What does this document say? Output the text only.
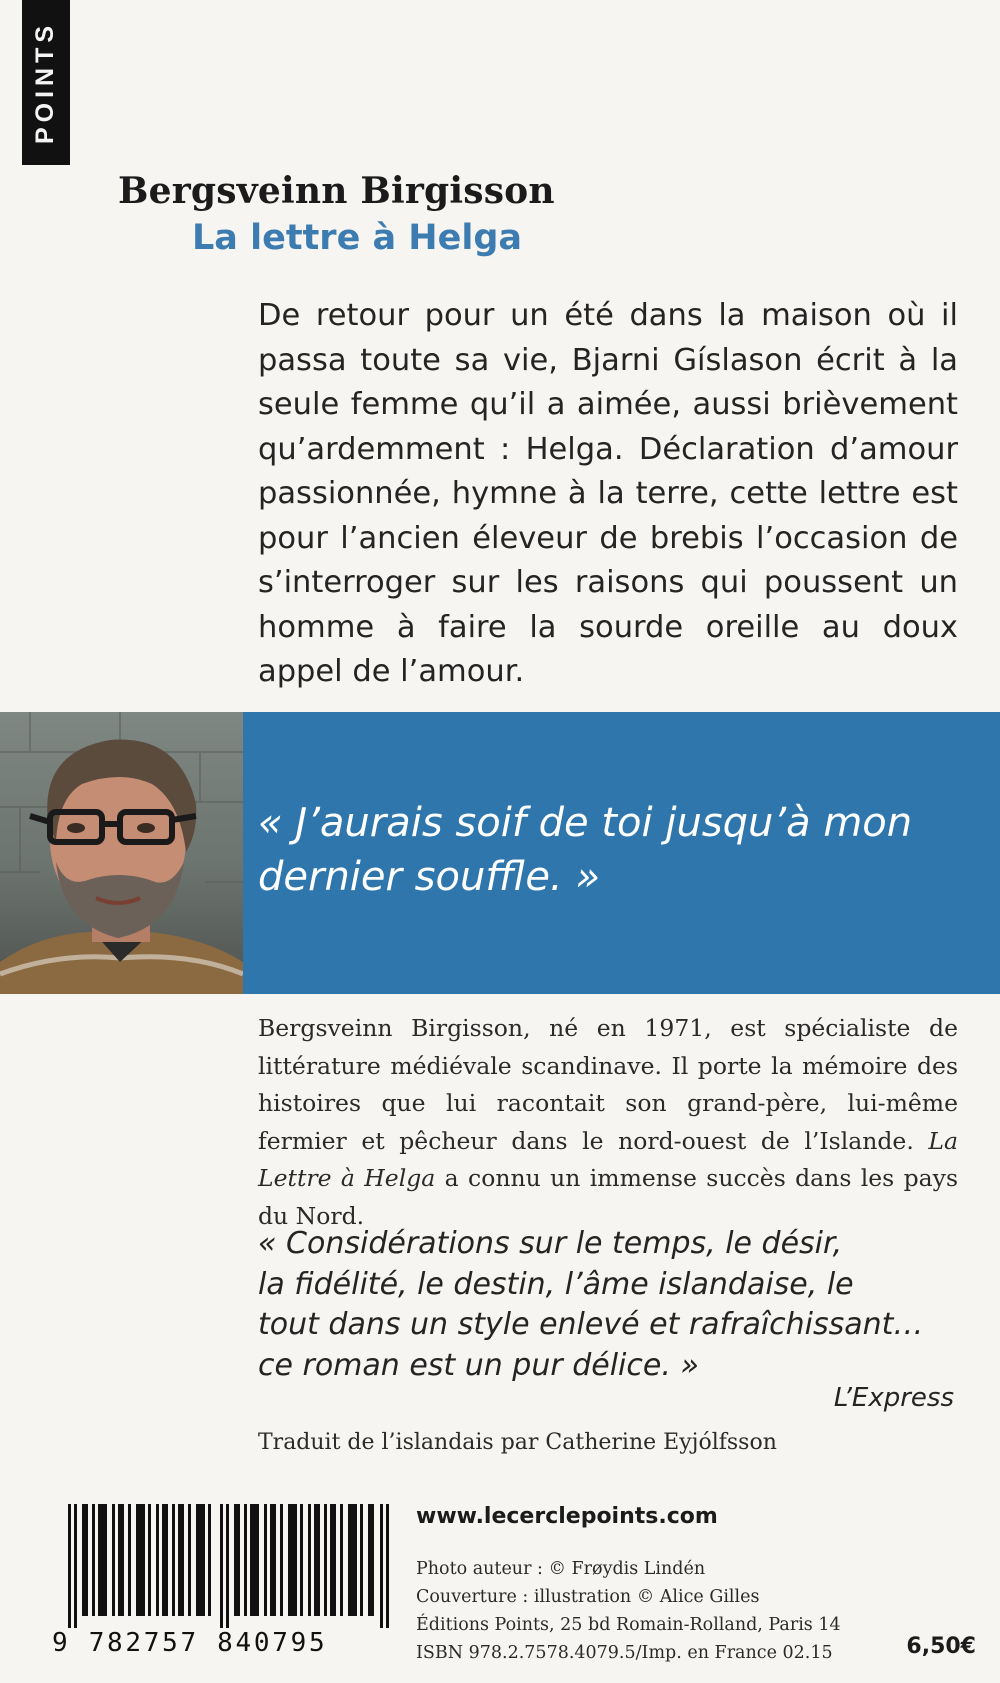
POINTS
Bergsveinn Birgisson
La lettre à Helga

De retour pour un été dans la maison où il passa toute sa vie, Bjarni Gíslason écrit à la seule femme qu’il a aimée, aussi brièvement qu’ardemment : Helga. Déclaration d’amour passionnée, hymne à la terre, cette lettre est pour l’ancien éleveur de brebis l’occasion de s’interroger sur les raisons qui poussent un homme à faire la sourde oreille au doux appel de l’amour.

« J’aurais soif de toi jusqu’à mon
dernier souffle. »

Bergsveinn Birgisson, né en 1971, est spécialiste de littérature médiévale scandinave. Il porte la mémoire des histoires que lui racontait son grand-père, lui-même fermier et pêcheur dans le nord-ouest de l’Islande. La Lettre à Helga a connu un immense succès dans les pays du Nord.

« Considérations sur le temps, le désir,
la fidélité, le destin, l’âme islandaise, le
tout dans un style enlevé et rafraîchissant…
ce roman est un pur délice. »
L’Express
Traduit de l’islandais par Catherine Eyjólfsson
9 782757 840795
www.lecerclepoints.com
Photo auteur : © Frøydis Lindén
Couverture : illustration © Alice Gilles
Éditions Points, 25 bd Romain-Rolland, Paris 14
ISBN 978.2.7578.4079.5/Imp. en France 02.15	6,50€
